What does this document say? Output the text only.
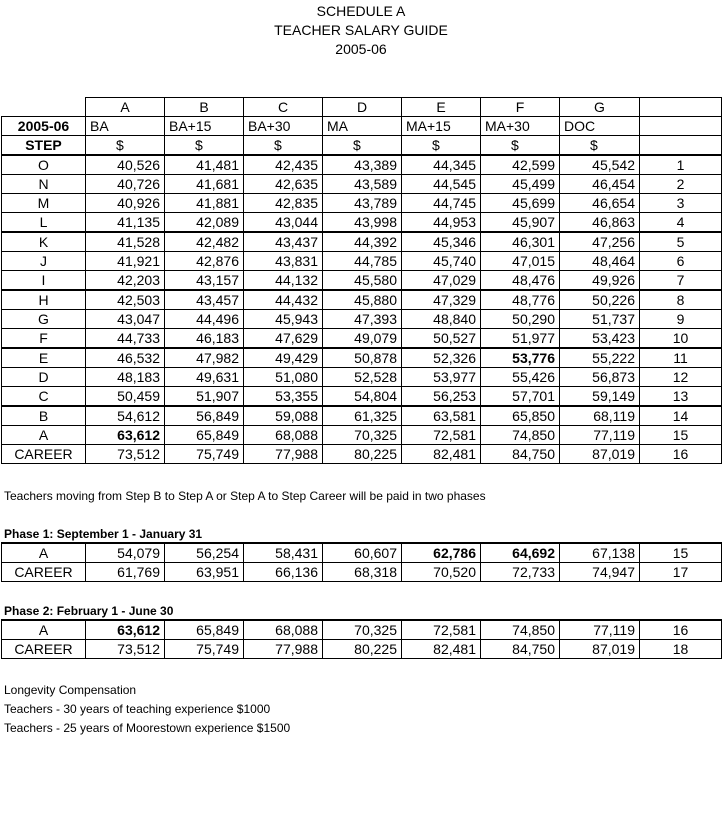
SCHEDULE A
TEACHER SALARY GUIDE
2005-06
	A	B	C	D	E	F	G	
2005-06	BA	BA+15	BA+30	MA	MA+15	MA+30	DOC	
STEP	$	$	$	$	$	$	$	
O	40,526	41,481	42,435	43,389	44,345	42,599	45,542	1
N	40,726	41,681	42,635	43,589	44,545	45,499	46,454	2
M	40,926	41,881	42,835	43,789	44,745	45,699	46,654	3
L	41,135	42,089	43,044	43,998	44,953	45,907	46,863	4
K	41,528	42,482	43,437	44,392	45,346	46,301	47,256	5
J	41,921	42,876	43,831	44,785	45,740	47,015	48,464	6
I	42,203	43,157	44,132	45,580	47,029	48,476	49,926	7
H	42,503	43,457	44,432	45,880	47,329	48,776	50,226	8
G	43,047	44,496	45,943	47,393	48,840	50,290	51,737	9
F	44,733	46,183	47,629	49,079	50,527	51,977	53,423	10
E	46,532	47,982	49,429	50,878	52,326	53,776	55,222	11
D	48,183	49,631	51,080	52,528	53,977	55,426	56,873	12
C	50,459	51,907	53,355	54,804	56,253	57,701	59,149	13
B	54,612	56,849	59,088	61,325	63,581	65,850	68,119	14
A	63,612	65,849	68,088	70,325	72,581	74,850	77,119	15
CAREER	73,512	75,749	77,988	80,225	82,481	84,750	87,019	16
Teachers moving from Step B to Step A or Step A to Step Career will be paid in two phases
Phase 1: September 1 - January 31
A	54,079	56,254	58,431	60,607	62,786	64,692	67,138	15
CAREER	61,769	63,951	66,136	68,318	70,520	72,733	74,947	17
Phase 2: February 1 - June 30
A	63,612	65,849	68,088	70,325	72,581	74,850	77,119	16
CAREER	73,512	75,749	77,988	80,225	82,481	84,750	87,019	18
Longevity Compensation
Teachers - 30 years of teaching experience $1000
Teachers - 25 years of Moorestown experience $1500
